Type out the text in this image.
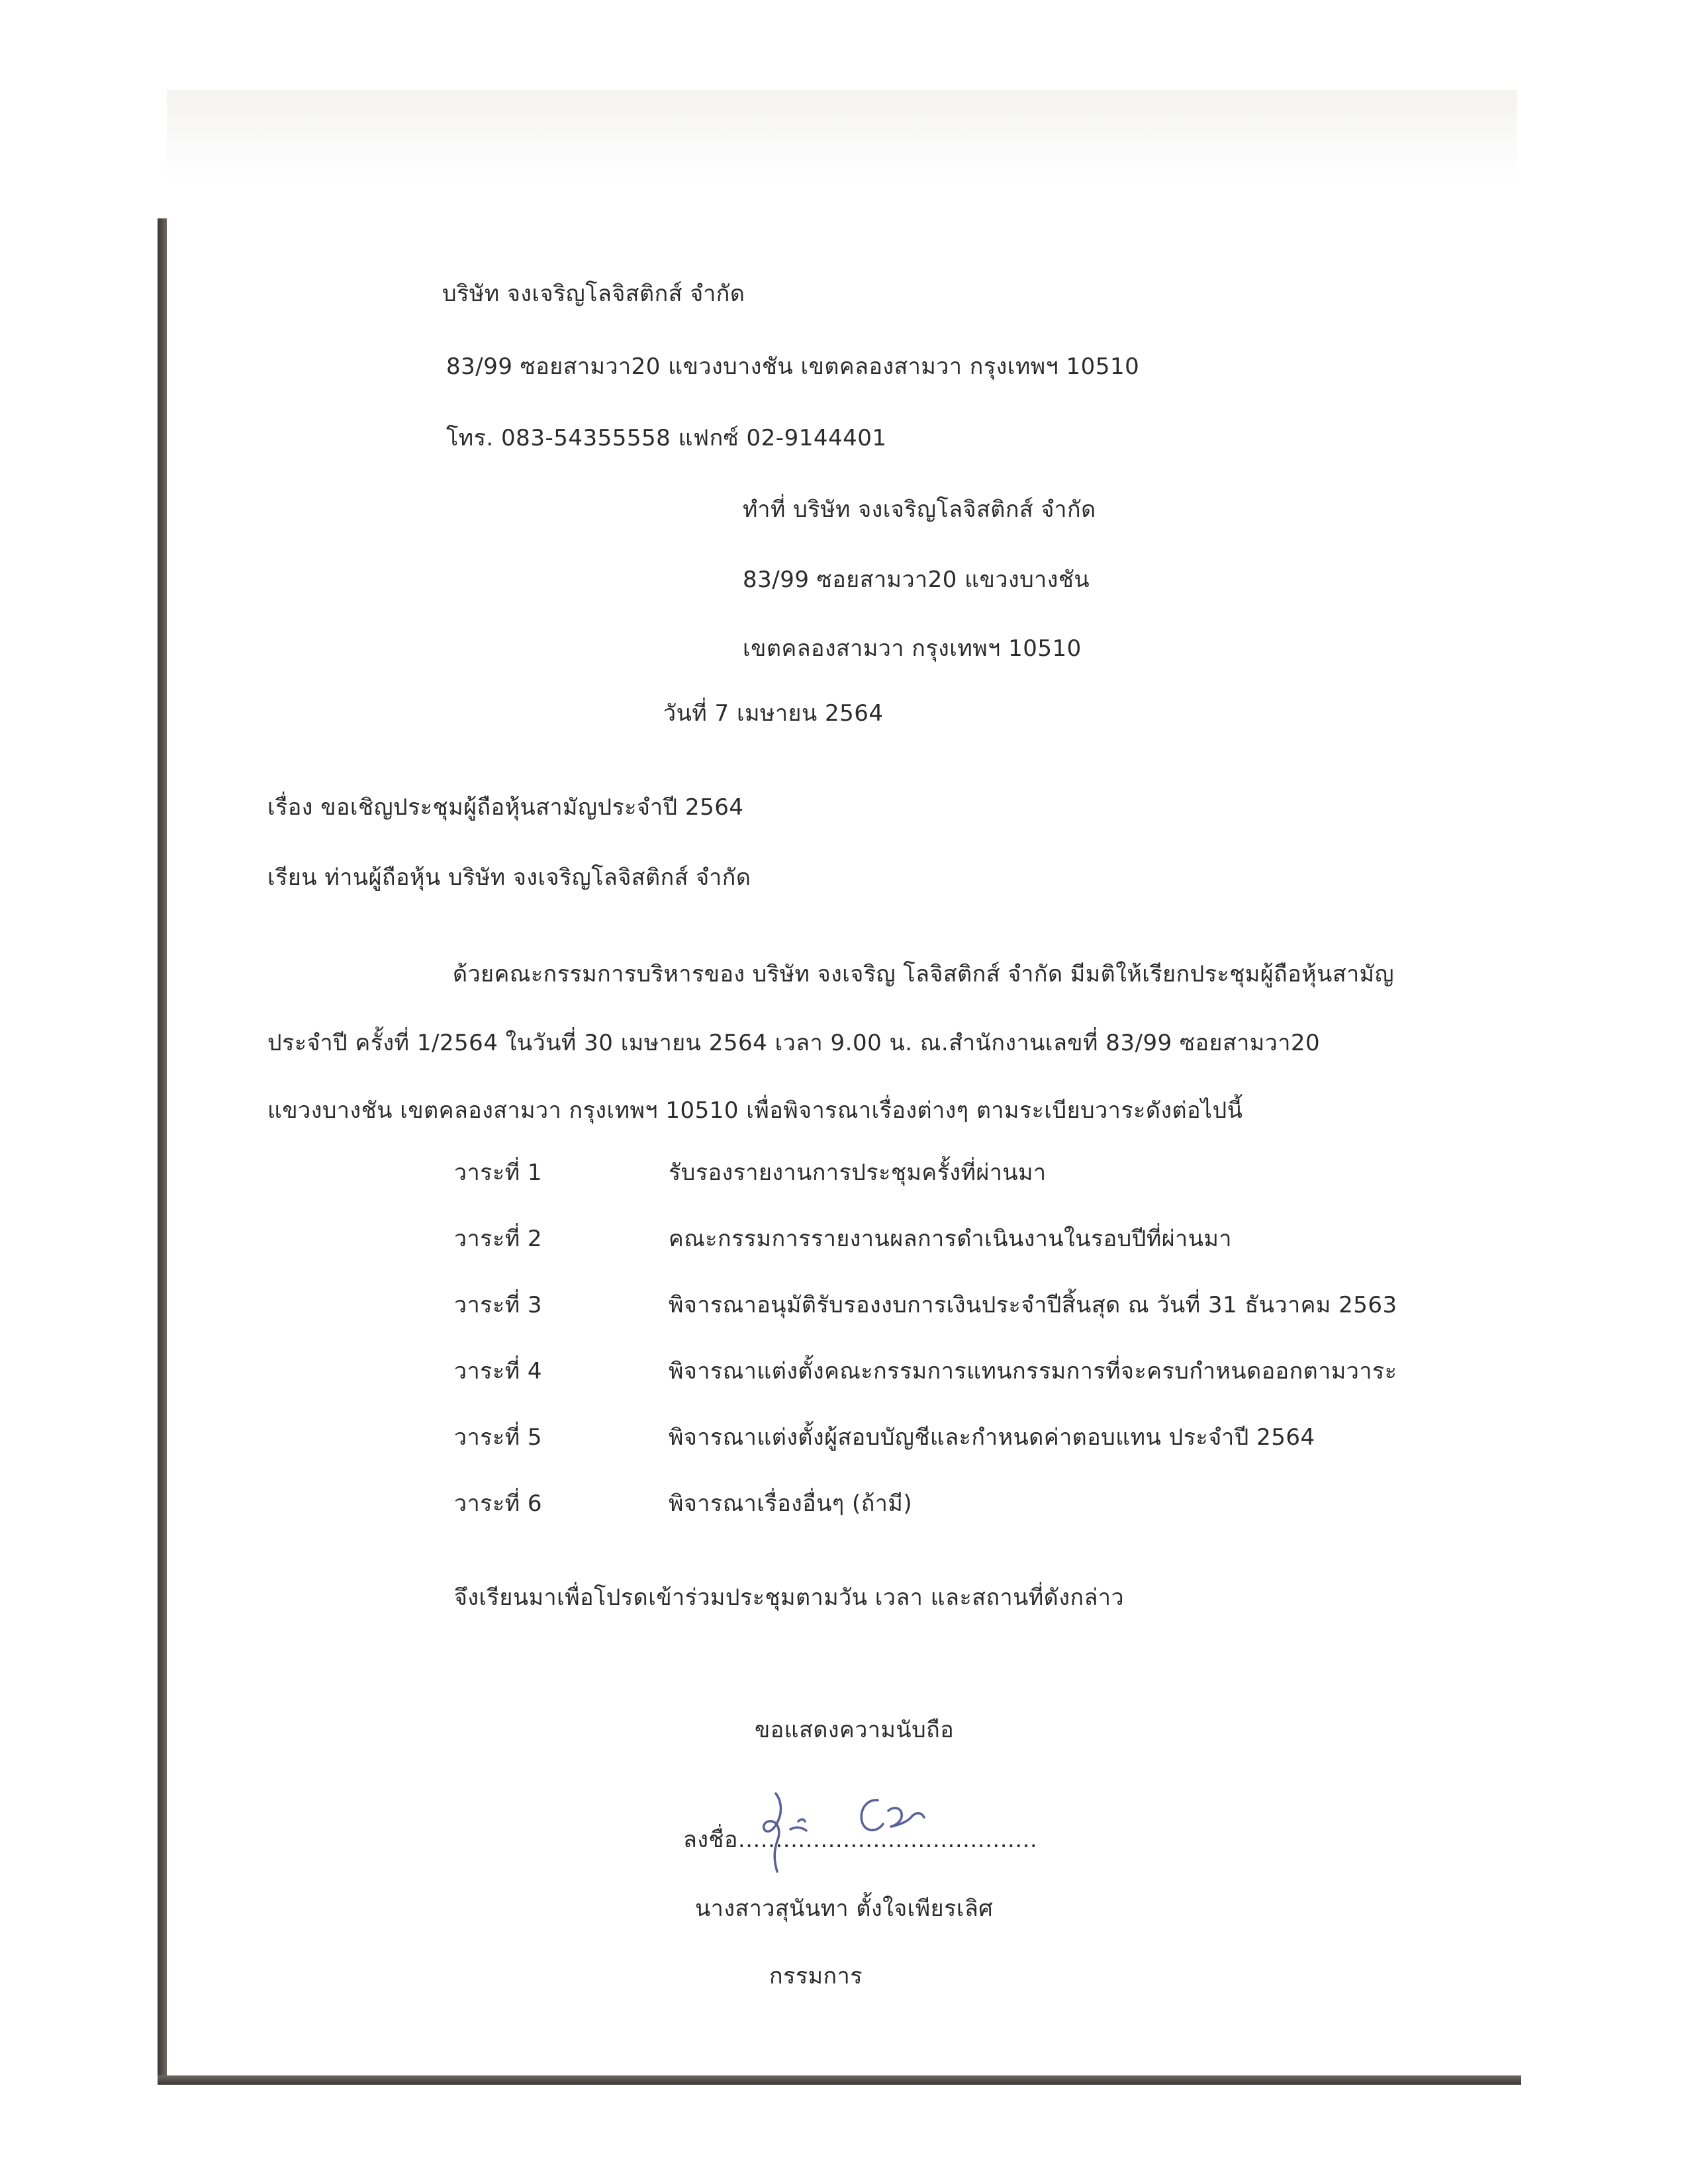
บริษัท จงเจริญโลจิสติกส์ จำกัด
83/99 ซอยสามวา20 แขวงบางชัน เขตคลองสามวา กรุงเทพฯ 10510
โทร. 083-54355558 แฟกซ์ 02-9144401
ทำที่ บริษัท จงเจริญโลจิสติกส์ จำกัด
83/99 ซอยสามวา20 แขวงบางชัน
เขตคลองสามวา กรุงเทพฯ 10510
วันที่ 7 เมษายน 2564
เรื่อง ขอเชิญประชุมผู้ถือหุ้นสามัญประจำปี 2564
เรียน ท่านผู้ถือหุ้น บริษัท จงเจริญโลจิสติกส์ จำกัด
ด้วยคณะกรรมการบริหารของ บริษัท จงเจริญ โลจิสติกส์ จำกัด มีมติให้เรียกประชุมผู้ถือหุ้นสามัญ
ประจำปี ครั้งที่ 1/2564 ในวันที่ 30 เมษายน 2564 เวลา 9.00 น. ณ.สำนักงานเลขที่ 83/99 ซอยสามวา20
แขวงบางชัน เขตคลองสามวา กรุงเทพฯ 10510 เพื่อพิจารณาเรื่องต่างๆ ตามระเบียบวาระดังต่อไปนี้
วาระที่ 1	รับรองรายงานการประชุมครั้งที่ผ่านมา
วาระที่ 2	คณะกรรมการรายงานผลการดำเนินงานในรอบปีที่ผ่านมา
วาระที่ 3	พิจารณาอนุมัติรับรองงบการเงินประจำปีสิ้นสุด ณ วันที่ 31 ธันวาคม 2563
วาระที่ 4	พิจารณาแต่งตั้งคณะกรรมการแทนกรรมการที่จะครบกำหนดออกตามวาระ
วาระที่ 5	พิจารณาแต่งตั้งผู้สอบบัญชีและกำหนดค่าตอบแทน ประจำปี 2564
วาระที่ 6	พิจารณาเรื่องอื่นๆ (ถ้ามี)
จึงเรียนมาเพื่อโปรดเข้าร่วมประชุมตามวัน เวลา และสถานที่ดังกล่าว
ขอแสดงความนับถือ
ลงชื่อ........................................
นางสาวสุนันทา ตั้งใจเพียรเลิศ
กรรมการ
